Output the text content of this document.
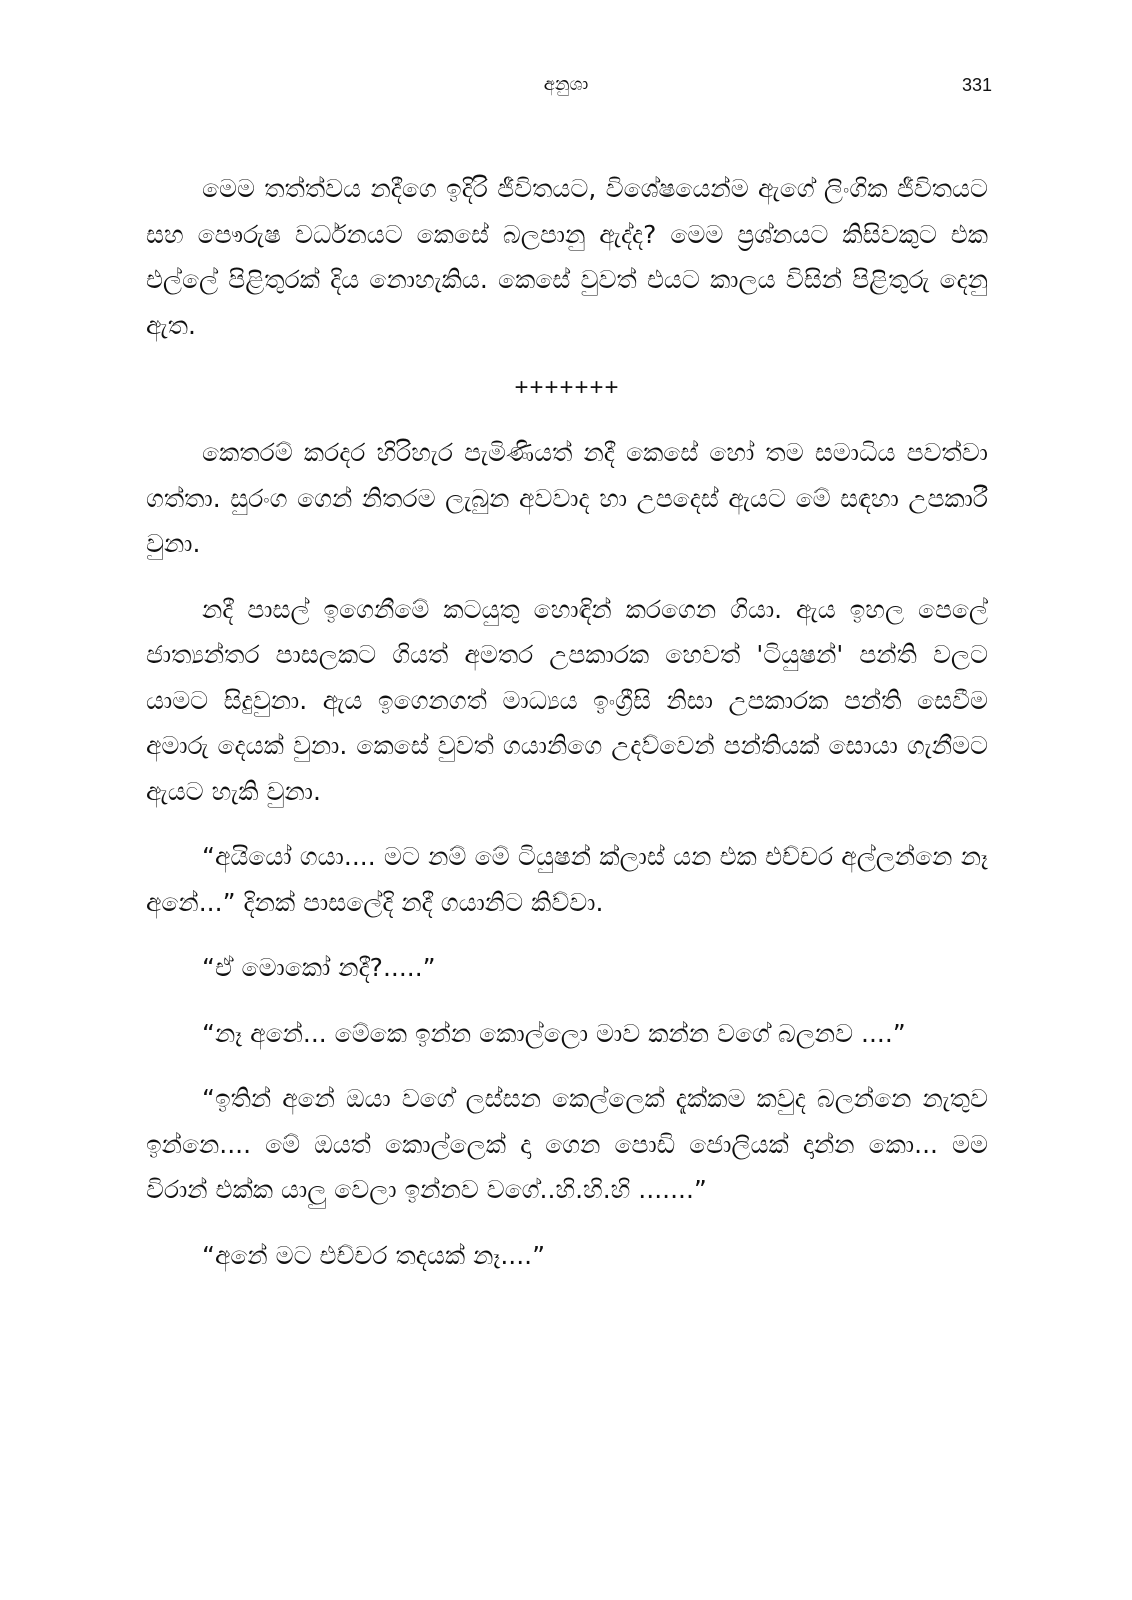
අනුශා	331

මෙම තත්ත්වය නදීගෙ ඉදිරි ජීවිතයට, විශේෂයෙන්ම ඇගේ ලිංගික ජීවිතයට සහ පෞරුෂ වර්ධනයට කෙසේ බලපානු ඇද්ද? මෙම ප්‍රශ්නයට කිසිවකුට එක එල්ලේ පිළිතුරක් දිය නොහැකිය. කෙසේ වුවත් එයට කාලය විසින් පිළිතුරු දෙනු ඇත.

+++++++

කෙතරම් කරදර හිරිහැර පැමිණියත් නදී කෙසේ හෝ තම සමාධිය පවත්වා ගත්තා. සුරංග ගෙන් නිතරම ලැබුන අවවාද හා උපදෙස් ඇයට මේ සඳහා උපකාරී වුනා.

නදී පාසල් ඉගෙනීමේ කටයුතු හොඳින් කරගෙන ගියා. ඇය ඉහල පෙලේ ජාත්‍යන්තර පාසලකට ගියත් අමතර උපකාරක හෙවත් 'ටියුෂන්' පන්ති වලට යාමට සිදුවුනා. ඇය ඉගෙනගත් මාධ්‍යය ඉංග්‍රීසි නිසා උපකාරක පන්ති සෙවීම අමාරු දෙයක් වුනා. කෙසේ වුවත් ගයානිගෙ උදව්වෙන් පන්තියක් සොයා ගැනීමට ඇයට හැකි වුනා.

“අයියෝ ගයා.... මට නම් මේ ටියුෂන් ක්ලාස් යන එක එච්චර අල්ලන්නෙ නෑ අනේ...” දිනක් පාසලේදි නදී ගයානිට කිව්වා.

“ඒ මොකෝ නදී?.....”

“නෑ අනේ... මේකෙ ඉන්න කොල්ලො මාව කන්න වගේ බලනව ....”

“ඉතින් අනේ ඔයා වගේ ලස්සන කෙල්ලෙක් දැක්කම කවුද බලන්නෙ නැතුව ඉන්නෙ.... මේ ඔයත් කොල්ලෙක් දා ගෙන පොඩි ජොලියක් දාන්න කො... මම විරාන් එක්ක යාලු වෙලා ඉන්නව වගේ..හි.හි.හි .......”

“අනේ මට එච්චර තදයක් නෑ....”
